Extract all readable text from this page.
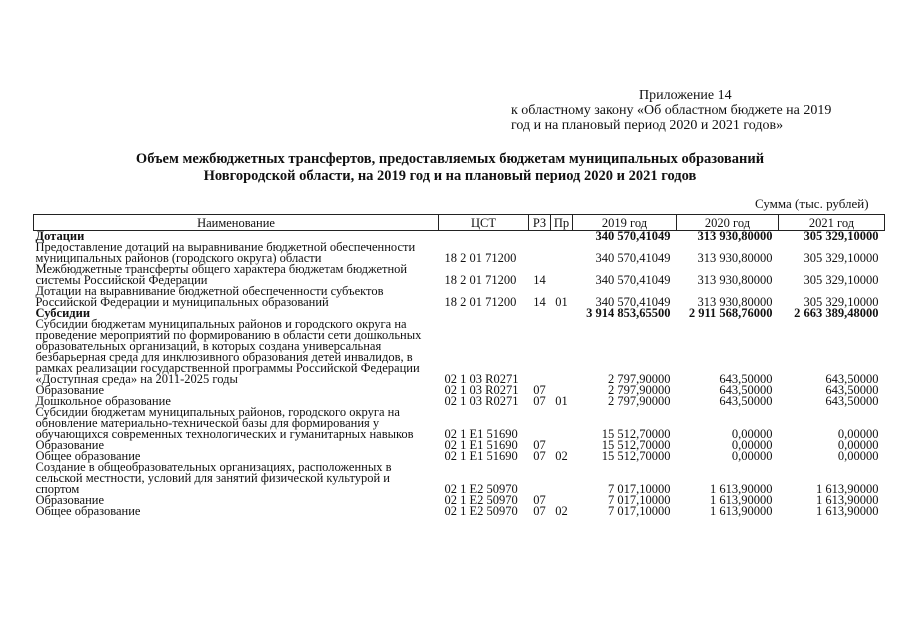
Приложение 14
к областному закону «Об областном бюджете на 2019
год и на плановый период 2020 и 2021 годов»
Объем межбюджетных трансфертов, предоставляемых бюджетам муниципальных образований
Новгородской области, на 2019 год и на плановый период 2020 и 2021 годов
Сумма (тыс. рублей)
Наименование	ЦСТ	РЗ	Пр	2019 год	2020 год	2021 год
Дотации				340 570,41049	313 930,80000	305 329,10000
Предоставление дотаций на выравнивание бюджетной обеспеченности муниципальных районов (городского округа) области	18 2 01 71200			340 570,41049	313 930,80000	305 329,10000
Межбюджетные трансферты общего характера бюджетам бюджетной системы Российской Федерации	18 2 01 71200	14		340 570,41049	313 930,80000	305 329,10000
Дотации на выравнивание бюджетной обеспеченности субъектов Российской Федерации и муниципальных образований	18 2 01 71200	14	01	340 570,41049	313 930,80000	305 329,10000
Субсидии				3 914 853,65500	2 911 568,76000	2 663 389,48000
Субсидии бюджетам муниципальных районов и городского округа на проведение мероприятий по формированию в области сети дошкольных образовательных организаций, в которых создана универсальная безбарьерная среда для инклюзивного образования детей инвалидов, в рамках реализации государственной программы Российской Федерации «Доступная среда» на 2011-2025 годы	02 1 03 R0271			2 797,90000	643,50000	643,50000
Образование	02 1 03 R0271	07		2 797,90000	643,50000	643,50000
Дошкольное образование	02 1 03 R0271	07	01	2 797,90000	643,50000	643,50000
Субсидии бюджетам муниципальных районов, городского округа на обновление материально-технической базы для формирования у обучающихся современных технологических и гуманитарных навыков	02 1 E1 51690			15 512,70000	0,00000	0,00000
Образование	02 1 E1 51690	07		15 512,70000	0,00000	0,00000
Общее образование	02 1 E1 51690	07	02	15 512,70000	0,00000	0,00000
Создание в общеобразовательных организациях, расположенных в сельской местности, условий для занятий физической культурой и спортом	02 1 E2 50970			7 017,10000	1 613,90000	1 613,90000
Образование	02 1 E2 50970	07		7 017,10000	1 613,90000	1 613,90000
Общее образование	02 1 E2 50970	07	02	7 017,10000	1 613,90000	1 613,90000
